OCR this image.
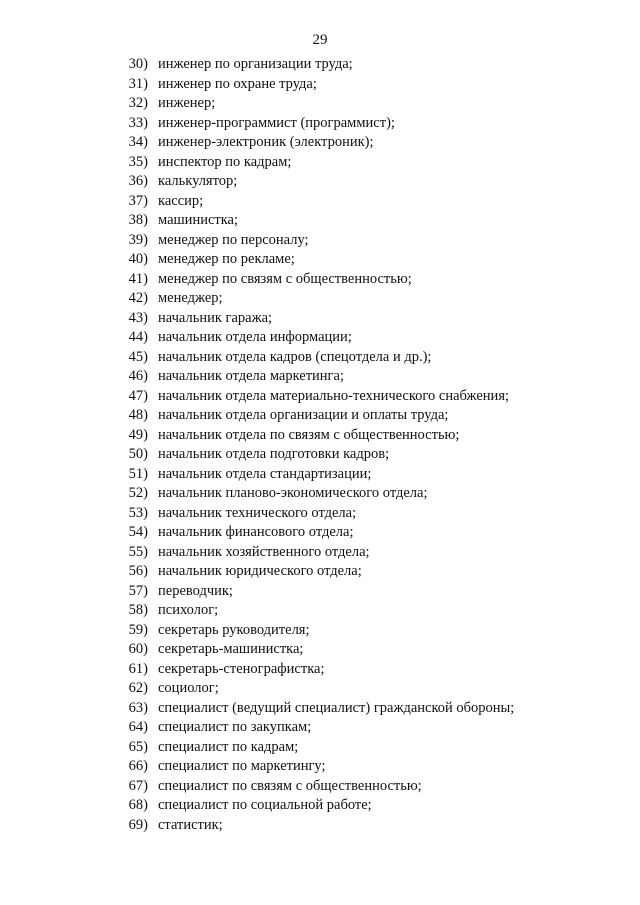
29
30) инженер по организации труда;
31) инженер по охране труда;
32) инженер;
33) инженер-программист (программист);
34) инженер-электроник (электроник);
35) инспектор по кадрам;
36) калькулятор;
37) кассир;
38) машинистка;
39) менеджер по персоналу;
40) менеджер по рекламе;
41) менеджер по связям с общественностью;
42) менеджер;
43) начальник гаража;
44) начальник отдела информации;
45) начальник отдела кадров (спецотдела и др.);
46) начальник отдела маркетинга;
47) начальник отдела материально-технического снабжения;
48) начальник отдела организации и оплаты труда;
49) начальник отдела по связям с общественностью;
50) начальник отдела подготовки кадров;
51) начальник отдела стандартизации;
52) начальник планово-экономического отдела;
53) начальник технического отдела;
54) начальник финансового отдела;
55) начальник хозяйственного отдела;
56) начальник юридического отдела;
57) переводчик;
58) психолог;
59) секретарь руководителя;
60) секретарь-машинистка;
61) секретарь-стенографистка;
62) социолог;
63) специалист (ведущий специалист) гражданской обороны;
64) специалист по закупкам;
65) специалист по кадрам;
66) специалист по маркетингу;
67) специалист по связям с общественностью;
68) специалист по социальной работе;
69) статистик;
